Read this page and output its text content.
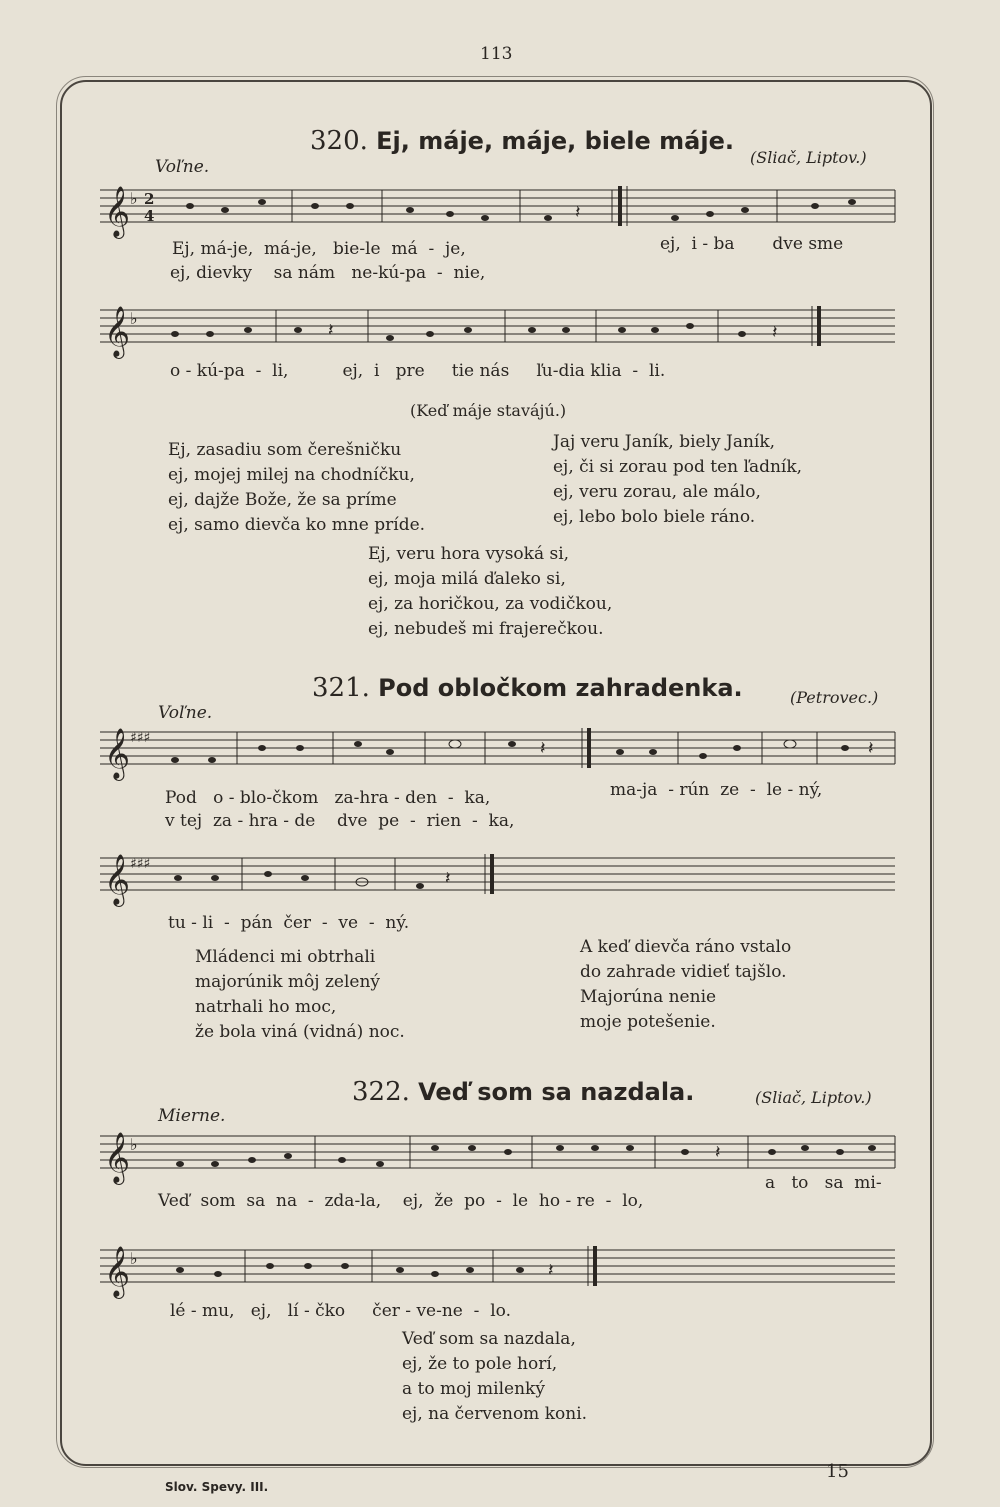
113
320. Ej, máje, máje, biele máje.
Voľne.	(Sliač, Liptov.)
𝄞 ♭ 2
4	𝄽
Ej, má-je,  má-je,   bie-le  má  -  je,
ej, dievky    sa nám   ne-kú-pa  -  nie,
ej,  i - ba       dve sme
𝄞 ♭
𝄽	𝄽
o - kú-pa  -  li,          ej,  i   pre     tie nás     ľu-dia klia  -  li.
(Keď máje stavájú.)
Ej, zasadiu som čerešničku
ej, mojej milej na chodníčku,
ej, dajže Bože, že sa príme
ej, samo dievča ko mne príde.
Jaj veru Janík, biely Janík,
ej, či si zorau pod ten ľadník,
ej, veru zorau, ale málo,
ej, lebo bolo biele ráno.
Ej, veru hora vysoká si,
ej, moja milá ďaleko si,
ej, za horičkou, za vodičkou,
ej, nebudeš mi frajerečkou.
321. Pod obločkom zahradenka.
Voľne.
(Petrovec.)
𝄞 ♯♯♯	𝄽	𝄽
Pod   o - blo-čkom   za-hra - den  -  ka,
v tej  za - hra - de    dve  pe  -  rien  -  ka,
ma-ja  - rún  ze  -  le - ný,
𝄞 ♯♯♯
𝄽
tu - li  -  pán  čer  -  ve  -  ný.
Mládenci mi obtrhali
majorúnik môj zelený
natrhali ho moc,
že bola viná (vidná) noc.
A keď dievča ráno vstalo
do zahrade vidieť tajšlo.
Majorúna nenie
moje potešenie.
322. Veď som sa nazdala.
Mierne.
(Sliač, Liptov.)
𝄞 ♭	𝄽
Veď  som  sa  na  -  zda-la,    ej,  že  po  -  le  ho - re  -  lo,
a   to   sa  mi-
𝄞 ♭
𝄽
lé - mu,   ej,   lí - čko     čer - ve-ne  -  lo.
Veď som sa nazdala,
ej, že to pole horí,
a to moj milenký
ej, na červenom koni.
Slov. Spevy. III.
15
